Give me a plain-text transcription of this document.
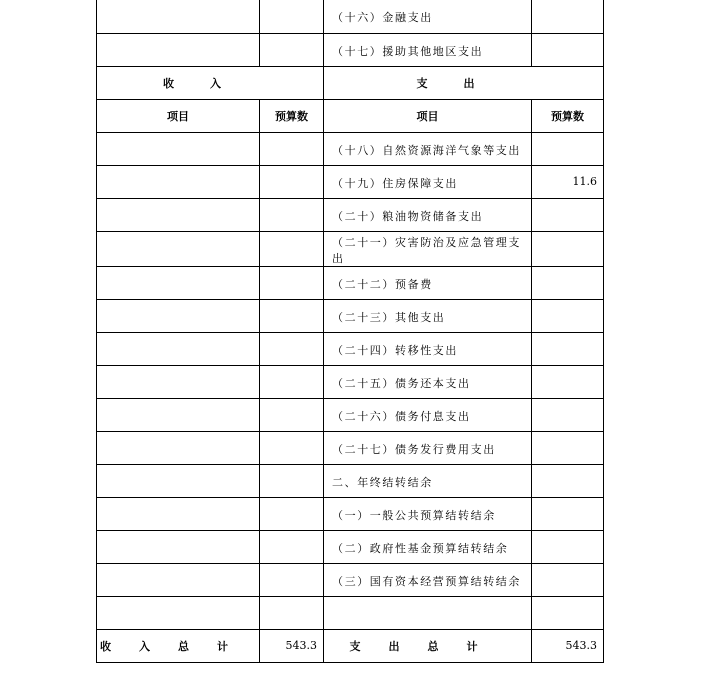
		（十六）金融支出	
		（十七）援助其他地区支出	
收入		支出	
项目	预算数	项目	预算数
		（十八）自然资源海洋气象等支出	
		（十九）住房保障支出	11.6
		（二十）粮油物资储备支出	
		（二十一）灾害防治及应急管理支出	
		（二十二）预备费	
		（二十三）其他支出	
		（二十四）转移性支出	
		（二十五）债务还本支出	
		（二十六）债务付息支出	
		（二十七）债务发行费用支出	
		二、年终结转结余	
		（一）一般公共预算结转结余	
		（二）政府性基金预算结转结余	
		（三）国有资本经营预算结转结余	

收入总计	543.3	支出总计	543.3
